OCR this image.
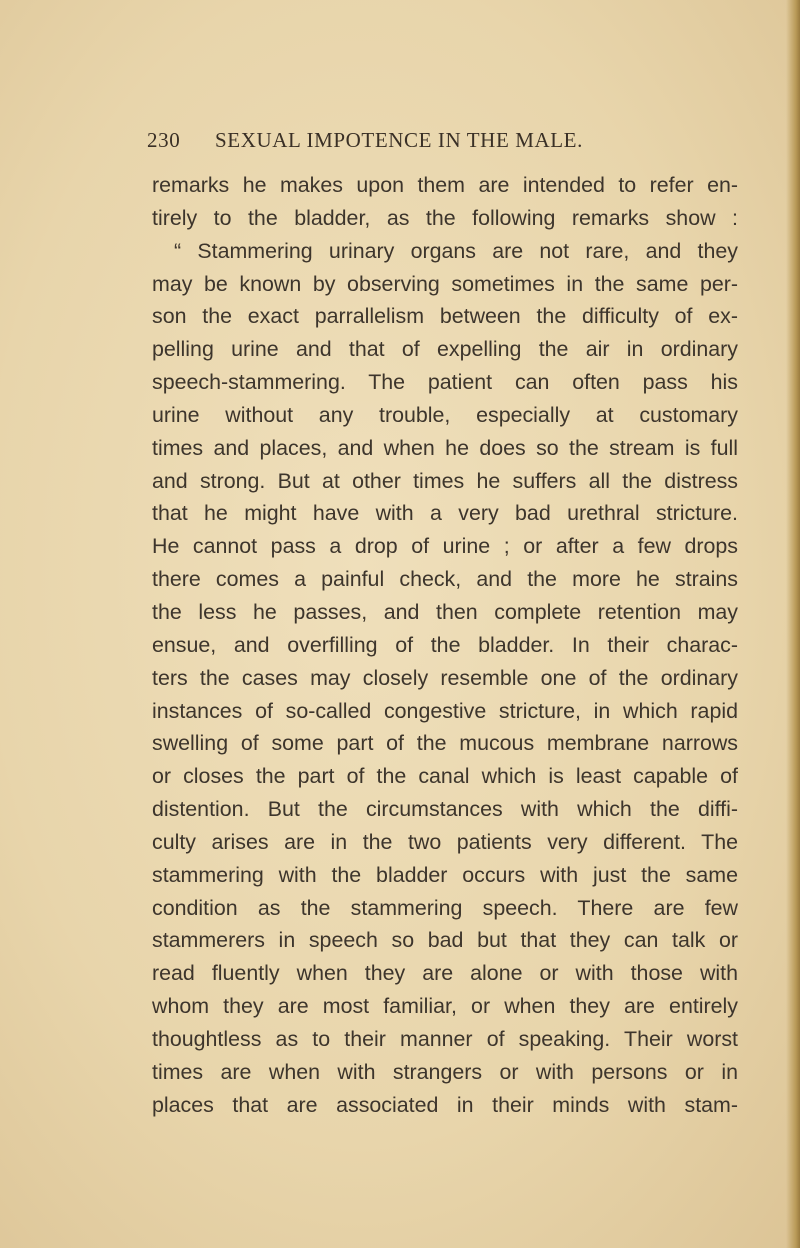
230 SEXUAL IMPOTENCE IN THE MALE.
remarks he makes upon them are intended to refer en-
tirely to the bladder, as the following remarks show :
“ Stammering urinary organs are not rare, and they
may be known by observing sometimes in the same per-
son the exact parrallelism between the difficulty of ex-
pelling urine and that of expelling the air in ordinary
speech-stammering. The patient can often pass his
urine without any trouble, especially at customary
times and places, and when he does so the stream is full
and strong. But at other times he suffers all the distress
that he might have with a very bad urethral stricture.
He cannot pass a drop of urine ; or after a few drops
there comes a painful check, and the more he strains
the less he passes, and then complete retention may
ensue, and overfilling of the bladder. In their charac-
ters the cases may closely resemble one of the ordinary
instances of so-called congestive stricture, in which rapid
swelling of some part of the mucous membrane narrows
or closes the part of the canal which is least capable of
distention. But the circumstances with which the diffi-
culty arises are in the two patients very different. The
stammering with the bladder occurs with just the same
condition as the stammering speech. There are few
stammerers in speech so bad but that they can talk or
read fluently when they are alone or with those with
whom they are most familiar, or when they are entirely
thoughtless as to their manner of speaking. Their worst
times are when with strangers or with persons or in
places that are associated in their minds with stam-
